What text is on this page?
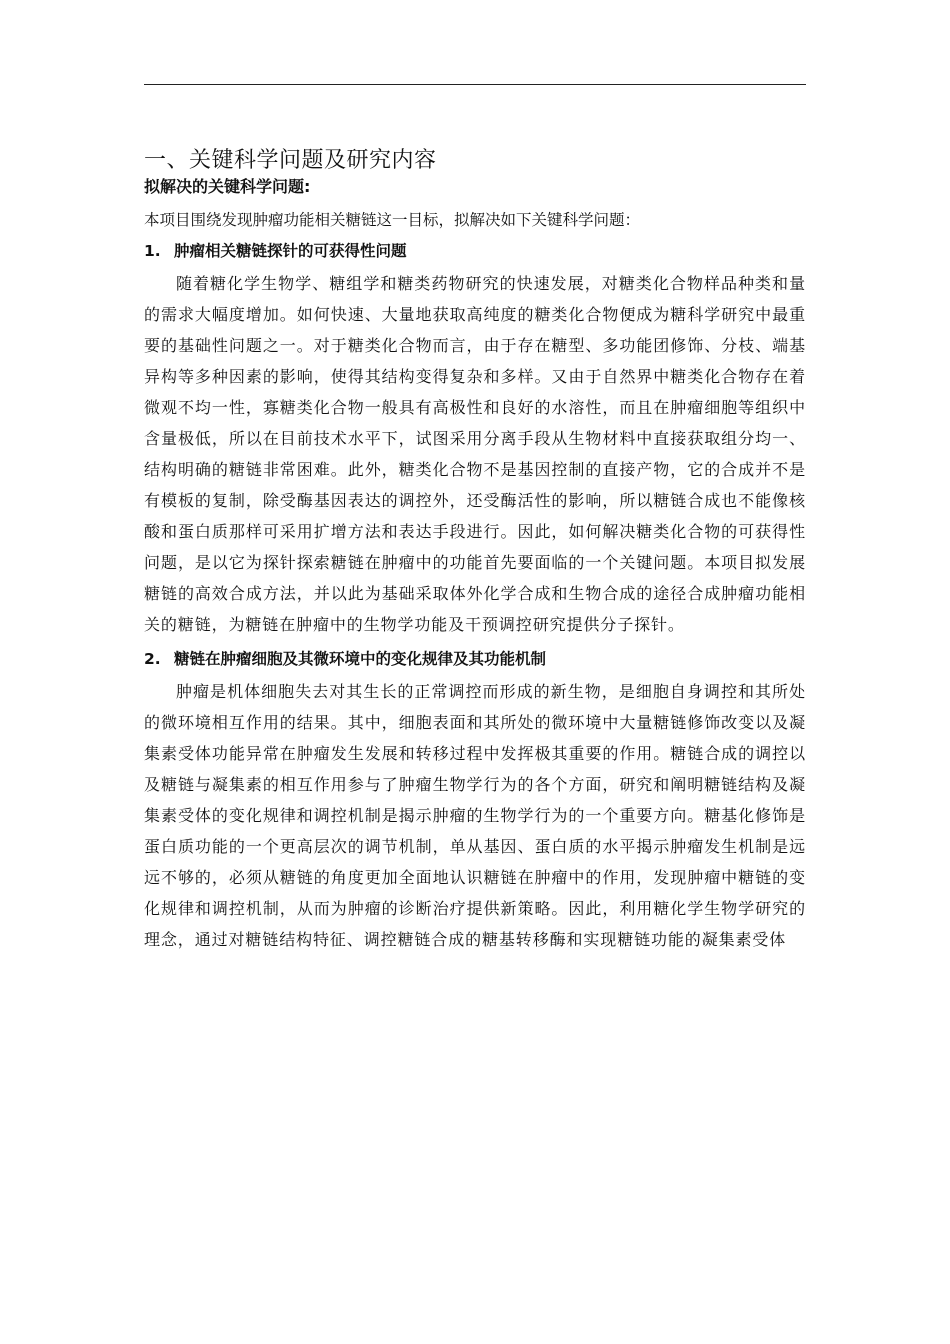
一、关键科学问题及研究内容
拟解决的关键科学问题:

本项目围绕发现肿瘤功能相关糖链这一目标，拟解决如下关键科学问题：

1. 肿瘤相关糖链探针的可获得性问题

随着糖化学生物学、糖组学和糖类药物研究的快速发展，对糖类化合物样品种类和量的需求大幅度增加。如何快速、大量地获取高纯度的糖类化合物便成为糖科学研究中最重要的基础性问题之一。对于糖类化合物而言，由于存在糖型、多功能团修饰、分枝、端基异构等多种因素的影响，使得其结构变得复杂和多样。又由于自然界中糖类化合物存在着微观不均一性，寡糖类化合物一般具有高极性和良好的水溶性，而且在肿瘤细胞等组织中含量极低，所以在目前技术水平下，试图采用分离手段从生物材料中直接获取组分均一、结构明确的糖链非常困难。此外，糖类化合物不是基因控制的直接产物，它的合成并不是有模板的复制，除受酶基因表达的调控外，还受酶活性的影响，所以糖链合成也不能像核酸和蛋白质那样可采用扩增方法和表达手段进行。因此，如何解决糖类化合物的可获得性问题，是以它为探针探索糖链在肿瘤中的功能首先要面临的一个关键问题。本项目拟发展糖链的高效合成方法，并以此为基础采取体外化学合成和生物合成的途径合成肿瘤功能相关的糖链，为糖链在肿瘤中的生物学功能及干预调控研究提供分子探针。

2. 糖链在肿瘤细胞及其微环境中的变化规律及其功能机制

肿瘤是机体细胞失去对其生长的正常调控而形成的新生物，是细胞自身调控和其所处的微环境相互作用的结果。其中，细胞表面和其所处的微环境中大量糖链修饰改变以及凝集素受体功能异常在肿瘤发生发展和转移过程中发挥极其重要的作用。糖链合成的调控以及糖链与凝集素的相互作用参与了肿瘤生物学行为的各个方面，研究和阐明糖链结构及凝集素受体的变化规律和调控机制是揭示肿瘤的生物学行为的一个重要方向。糖基化修饰是蛋白质功能的一个更高层次的调节机制，单从基因、蛋白质的水平揭示肿瘤发生机制是远远不够的，必须从糖链的角度更加全面地认识糖链在肿瘤中的作用，发现肿瘤中糖链的变化规律和调控机制，从而为肿瘤的诊断治疗提供新策略。因此，利用糖化学生物学研究的理念，通过对糖链结构特征、调控糖链合成的糖基转移酶和实现糖链功能的凝集素受体
